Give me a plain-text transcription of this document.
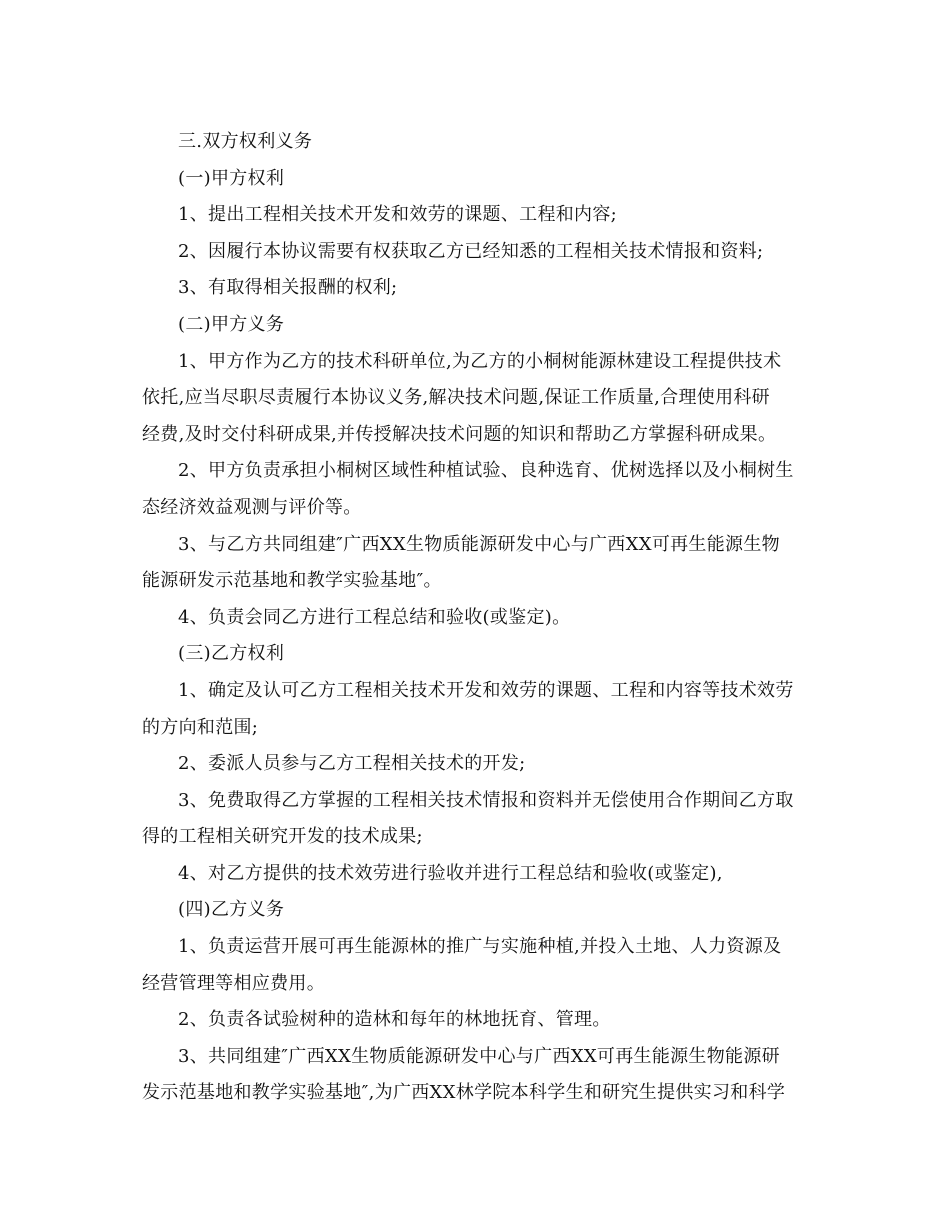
三.双方权利义务
(一)甲方权利
1、提出工程相关技术开发和效劳的课题、工程和内容;
2、因履行本协议需要有权获取乙方已经知悉的工程相关技术情报和资料;
3、有取得相关报酬的权利;
(二)甲方义务
1、甲方作为乙方的技术科研单位,为乙方的小桐树能源林建设工程提供技术
依托,应当尽职尽责履行本协议义务,解决技术问题,保证工作质量,合理使用科研
经费,及时交付科研成果,并传授解决技术问题的知识和帮助乙方掌握科研成果。
2、甲方负责承担小桐树区域性种植试验、良种选育、优树选择以及小桐树生
态经济效益观测与评价等。
3、与乙方共同组建″广西XX生物质能源研发中心与广西XX可再生能源生物
能源研发示范基地和教学实验基地″。
4、负责会同乙方进行工程总结和验收(或鉴定)。
(三)乙方权利
1、确定及认可乙方工程相关技术开发和效劳的课题、工程和内容等技术效劳
的方向和范围;
2、委派人员参与乙方工程相关技术的开发;
3、免费取得乙方掌握的工程相关技术情报和资料并无偿使用合作期间乙方取
得的工程相关研究开发的技术成果;
4、对乙方提供的技术效劳进行验收并进行工程总结和验收(或鉴定),
(四)乙方义务
1、负责运营开展可再生能源林的推广与实施种植,并投入土地、人力资源及
经营管理等相应费用。
2、负责各试验树种的造林和每年的林地抚育、管理。
3、共同组建″广西XX生物质能源研发中心与广西XX可再生能源生物能源研
发示范基地和教学实验基地″,为广西XX林学院本科学生和研究生提供实习和科学
